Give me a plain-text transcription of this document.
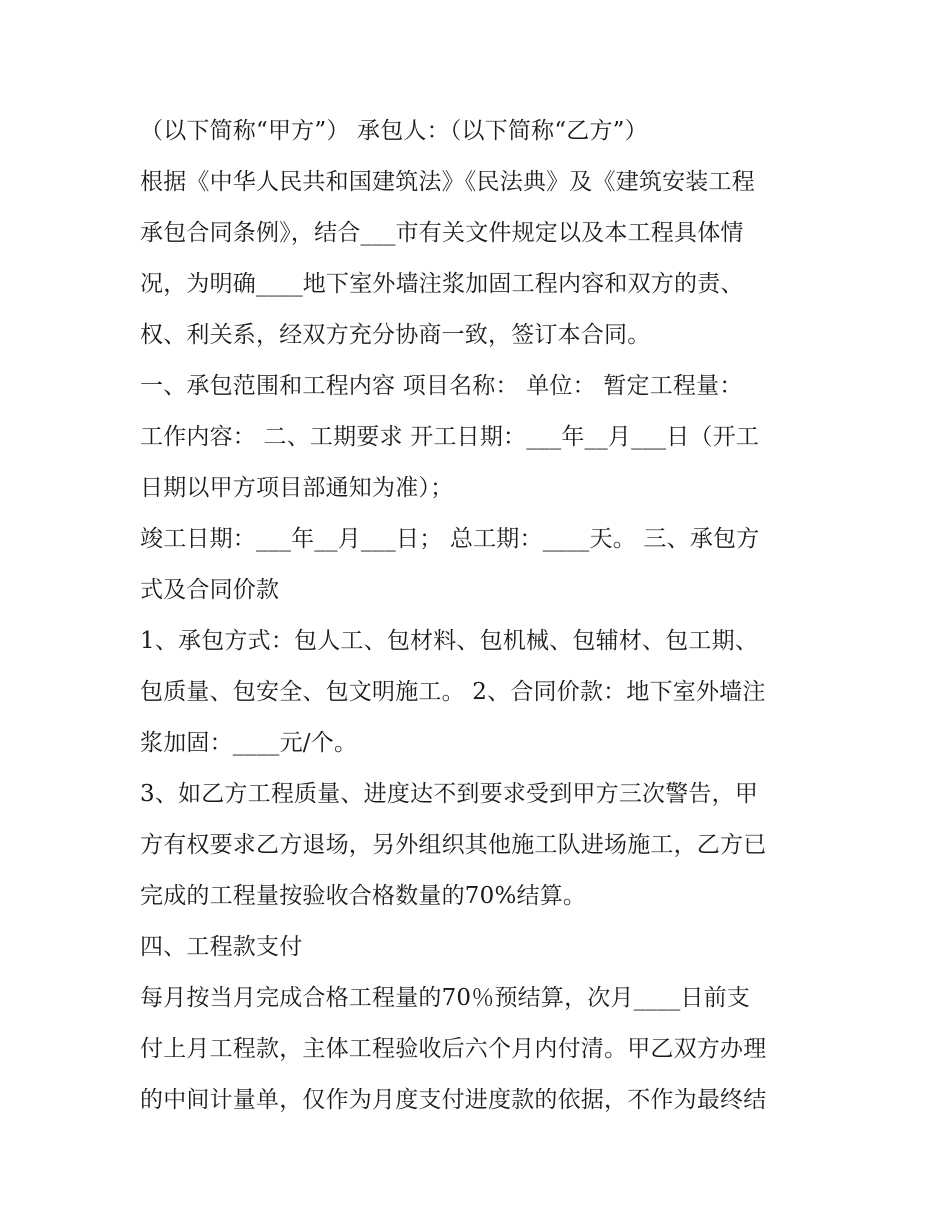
（以下简称“甲方”） 承包人：（以下简称“乙方”）
根据《中华人民共和国建筑法》《民法典》及《建筑安装工程
承包合同条例》，结合___市有关文件规定以及本工程具体情
况，为明确____地下室外墙注浆加固工程内容和双方的责、
权、利关系，经双方充分协商一致，签订本合同。
一、承包范围和工程内容 项目名称： 单位： 暂定工程量：
工作内容： 二、工期要求 开工日期：___年__月___日（开工
日期以甲方项目部通知为准）；
竣工日期：___年__月___日； 总工期：____天。 三、承包方
式及合同价款
1、承包方式：包人工、包材料、包机械、包辅材、包工期、
包质量、包安全、包文明施工。 2、合同价款：地下室外墙注
浆加固：____元/个。
3、如乙方工程质量、进度达不到要求受到甲方三次警告，甲
方有权要求乙方退场，另外组织其他施工队进场施工，乙方已
完成的工程量按验收合格数量的70%结算。
四、工程款支付
每月按当月完成合格工程量的70％预结算，次月____日前支
付上月工程款，主体工程验收后六个月内付清。甲乙双方办理
的中间计量单，仅作为月度支付进度款的依据，不作为最终结
